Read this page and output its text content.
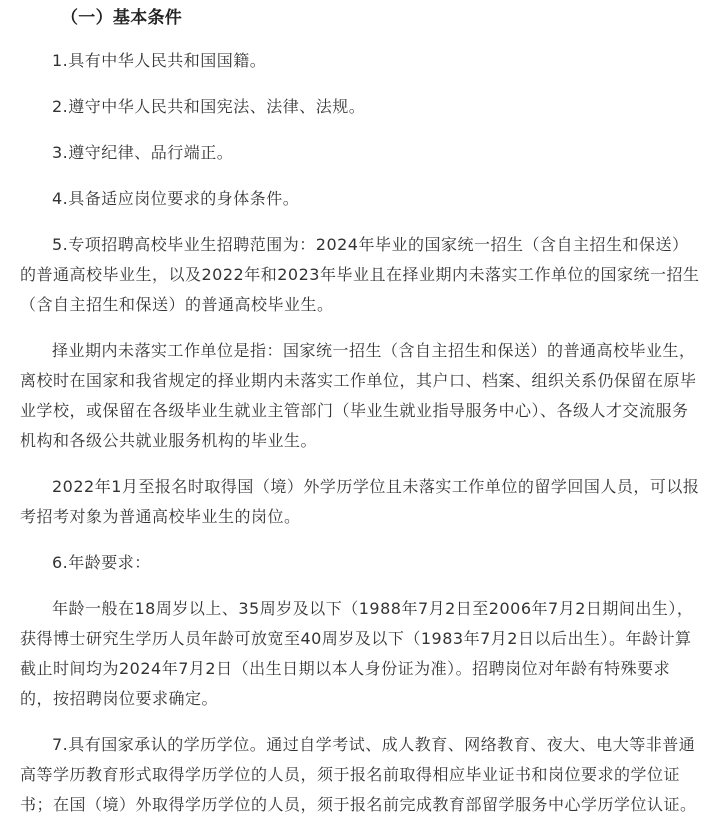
（一）基本条件

1.具有中华人民共和国国籍。

2.遵守中华人民共和国宪法、法律、法规。

3.遵守纪律、品行端正。

4.具备适应岗位要求的身体条件。

5.专项招聘高校毕业生招聘范围为：2024年毕业的国家统一招生（含自主招生和保送）的普通高校毕业生，以及2022年和2023年毕业且在择业期内未落实工作单位的国家统一招生（含自主招生和保送）的普通高校毕业生。

择业期内未落实工作单位是指：国家统一招生（含自主招生和保送）的普通高校毕业生，离校时在国家和我省规定的择业期内未落实工作单位，其户口、档案、组织关系仍保留在原毕业学校，或保留在各级毕业生就业主管部门（毕业生就业指导服务中心）、各级人才交流服务机构和各级公共就业服务机构的毕业生。

2022年1月至报名时取得国（境）外学历学位且未落实工作单位的留学回国人员，可以报考招考对象为普通高校毕业生的岗位。

6.年龄要求：

年龄一般在18周岁以上、35周岁及以下（1988年7月2日至2006年7月2日期间出生），获得博士研究生学历人员年龄可放宽至40周岁及以下（1983年7月2日以后出生）。年龄计算截止时间均为2024年7月2日（出生日期以本人身份证为准）。招聘岗位对年龄有特殊要求的，按招聘岗位要求确定。

7.具有国家承认的学历学位。通过自学考试、成人教育、网络教育、夜大、电大等非普通高等学历教育形式取得学历学位的人员，须于报名前取得相应毕业证书和岗位要求的学位证书；在国（境）外取得学历学位的人员，须于报名前完成教育部留学服务中心学历学位认证。
